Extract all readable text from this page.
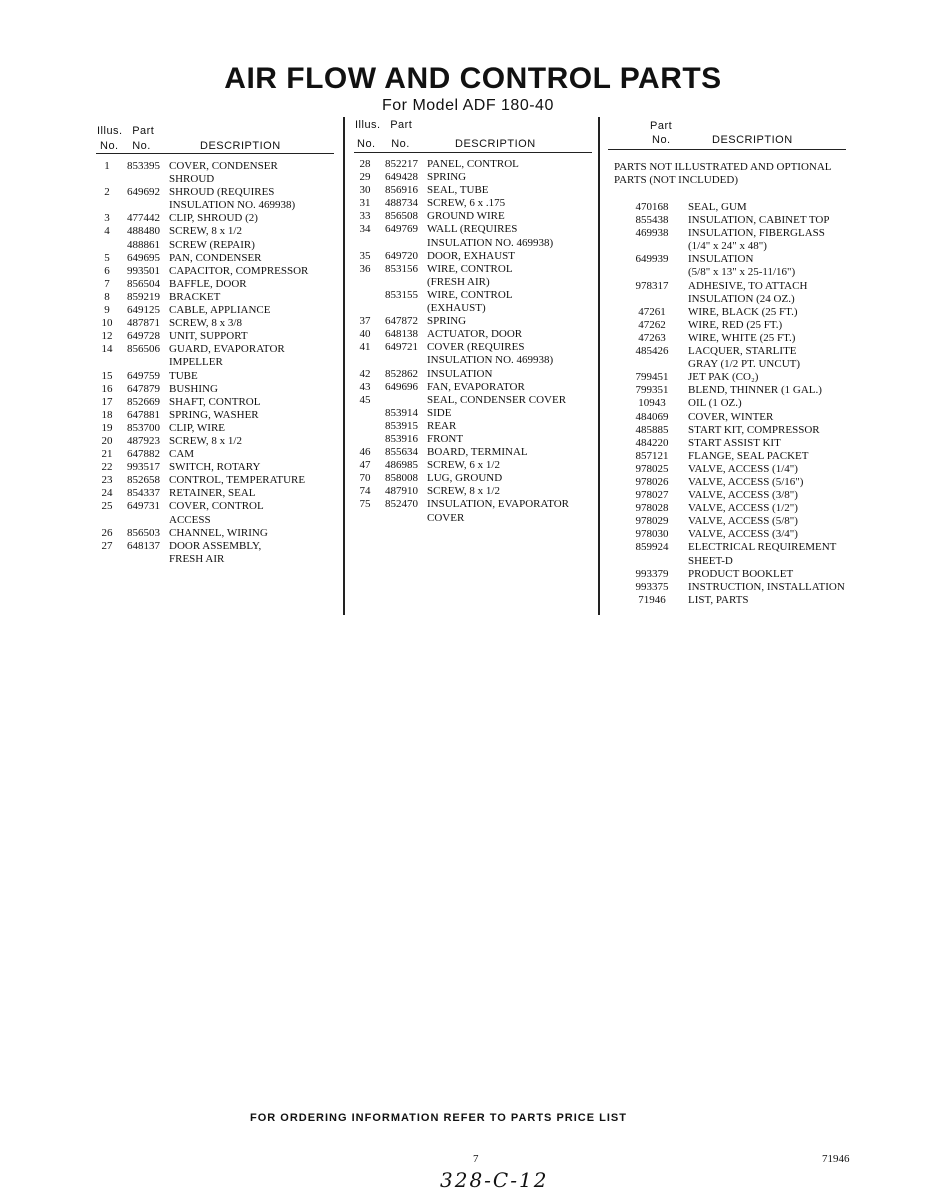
AIR FLOW AND CONTROL PARTS
For Model ADF 180-40
Illus. Part
No. No.	DESCRIPTION
Illus. Part
No. No.	DESCRIPTION
Part
No.	DESCRIPTION
1	853395 COVER, CONDENSER
SHROUD
2	649692 SHROUD (REQUIRES
INSULATION NO. 469938)
3	477442 CLIP, SHROUD (2)
4	488480 SCREW, 8 x 1/2
488861 SCREW (REPAIR)
5	649695 PAN, CONDENSER
6	993501 CAPACITOR, COMPRESSOR
7	856504 BAFFLE, DOOR
8	859219 BRACKET
9	649125 CABLE, APPLIANCE
10	487871 SCREW, 8 x 3/8
12	649728 UNIT, SUPPORT
14	856506 GUARD, EVAPORATOR
IMPELLER
15	649759 TUBE
16	647879 BUSHING
17	852669 SHAFT, CONTROL
18	647881 SPRING, WASHER
19	853700 CLIP, WIRE
20	487923 SCREW, 8 x 1/2
21	647882 CAM
22	993517 SWITCH, ROTARY
23	852658 CONTROL, TEMPERATURE
24	854337 RETAINER, SEAL
25	649731 COVER, CONTROL
ACCESS
26	856503 CHANNEL, WIRING
27	648137 DOOR ASSEMBLY,
FRESH AIR
28	852217 PANEL, CONTROL
29	649428 SPRING
30	856916 SEAL, TUBE
31	488734 SCREW, 6 x .175
33	856508 GROUND WIRE
34	649769 WALL (REQUIRES
INSULATION NO. 469938)
35	649720 DOOR, EXHAUST
36	853156 WIRE, CONTROL
(FRESH AIR)
853155 WIRE, CONTROL
(EXHAUST)
37	647872 SPRING
40	648138 ACTUATOR, DOOR
41	649721 COVER (REQUIRES
INSULATION NO. 469938)
42	852862 INSULATION
43	649696 FAN, EVAPORATOR
45	SEAL, CONDENSER COVER
853914 SIDE
853915 REAR
853916 FRONT
46	855634 BOARD, TERMINAL
47	486985 SCREW, 6 x 1/2
70	858008 LUG, GROUND
74	487910 SCREW, 8 x 1/2
75	852470 INSULATION, EVAPORATOR
COVER
PARTS NOT ILLUSTRATED AND OPTIONAL PARTS (NOT INCLUDED)
470168	SEAL, GUM
855438	INSULATION, CABINET TOP
469938	INSULATION, FIBERGLASS
(1/4" x 24" x 48")
649939	INSULATION
(5/8" x 13" x 25-11/16")
978317	ADHESIVE, TO ATTACH
INSULATION (24 OZ.)
47261	WIRE, BLACK (25 FT.)
47262	WIRE, RED (25 FT.)
47263	WIRE, WHITE (25 FT.)
485426	LACQUER, STARLITE
GRAY (1/2 PT. UNCUT)
799451	JET PAK (CO₂)
799351	BLEND, THINNER (1 GAL.)
10943	OIL (1 OZ.)
484069	COVER, WINTER
485885	START KIT, COMPRESSOR
484220	START ASSIST KIT
857121	FLANGE, SEAL PACKET
978025	VALVE, ACCESS (1/4")
978026	VALVE, ACCESS (5/16")
978027	VALVE, ACCESS (3/8")
978028	VALVE, ACCESS (1/2")
978029	VALVE, ACCESS (5/8")
978030	VALVE, ACCESS (3/4")
859924	ELECTRICAL REQUIREMENT
SHEET-D
993379	PRODUCT BOOKLET
993375	INSTRUCTION, INSTALLATION
71946	LIST, PARTS
FOR ORDERING INFORMATION REFER TO PARTS PRICE LIST
7	71946
328-C-12
